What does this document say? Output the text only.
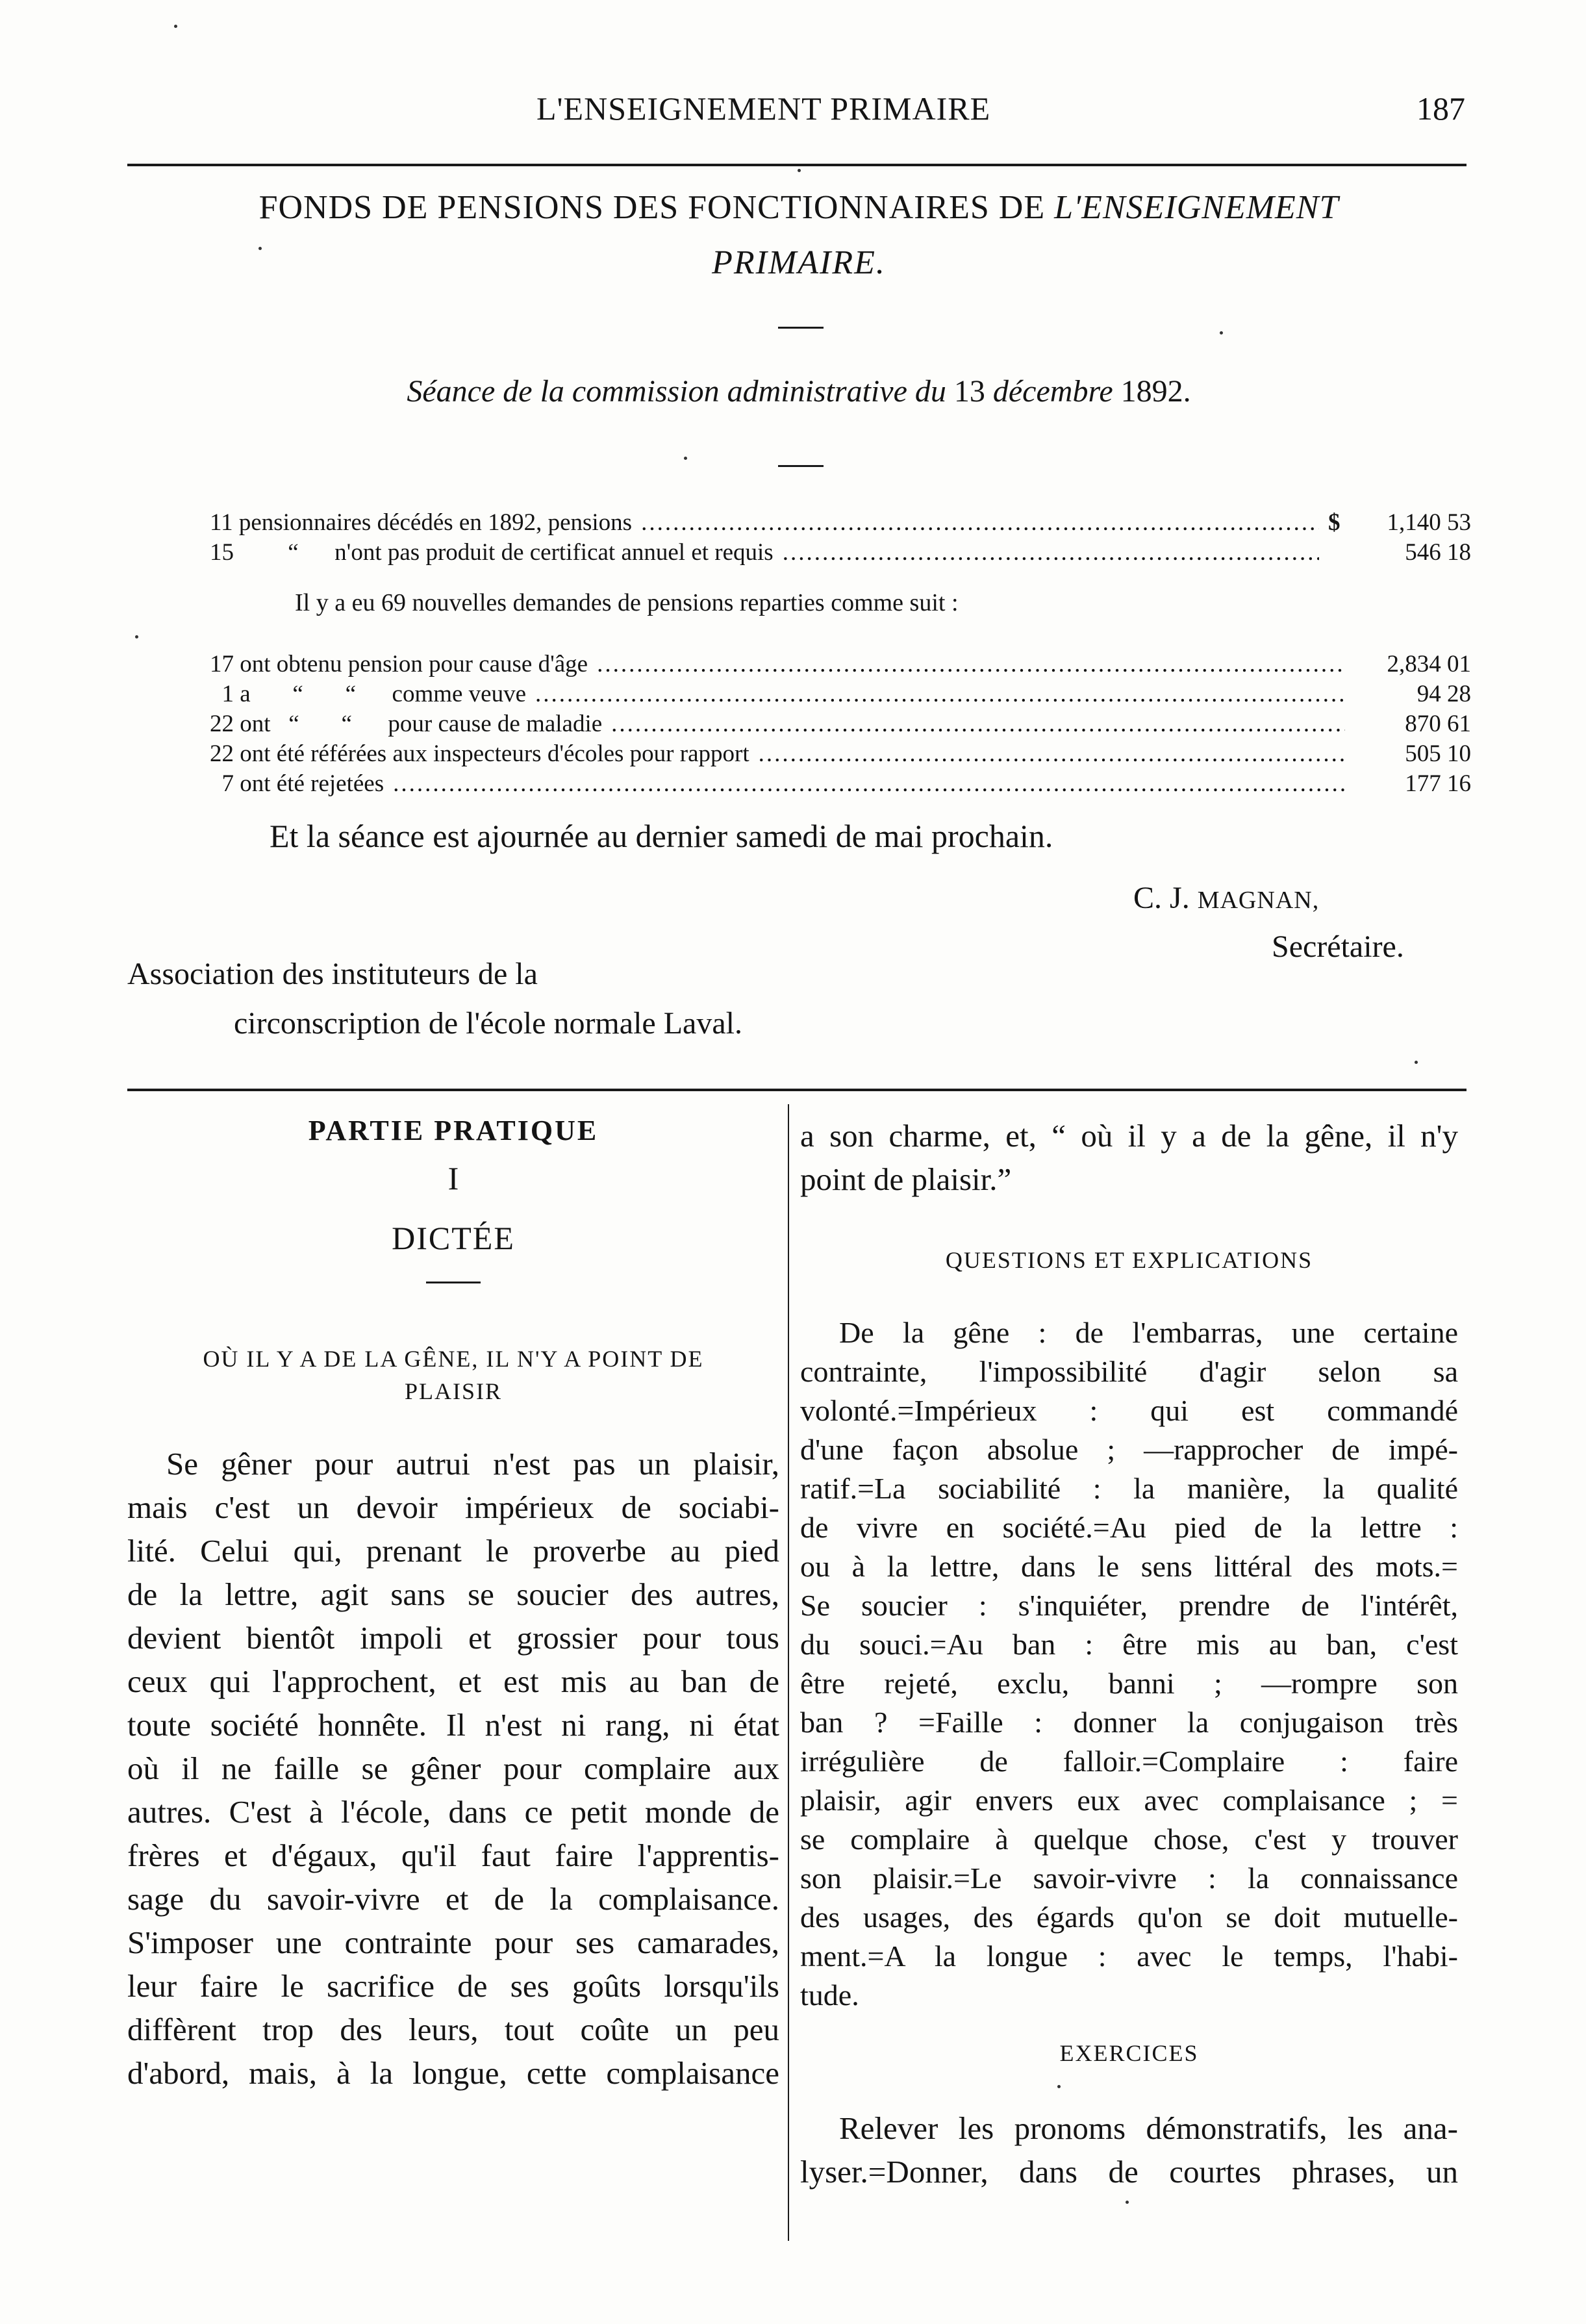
L'ENSEIGNEMENT PRIMAIRE	187
FONDS DE PENSIONS DES FONCTIONNAIRES DE L'ENSEIGNEMENT
PRIMAIRE.
Séance de la commission administrative du 13 décembre 1892.
11 pensionnaires décédés en 1892, pensions .....	$	1,140 53
15         “      n'ont pas produit de certificat annuel et requis .....	546 18
Il y a eu 69 nouvelles demandes de pensions reparties comme suit :
17 ont obtenu pension pour cause d'âge .....	2,834 01
1 a       “       “      comme veuve .....	94 28
22 ont   “       “      pour cause de maladie .....	870 61
22 ont été référées aux inspecteurs d'écoles pour rapport .....	505 10
7 ont été rejetées .....	177 16
Et la séance est ajournée au dernier samedi de mai prochain.
C. J. MAGNAN,
Secrétaire.
Association des instituteurs de la
circonscription de l'école normale Laval.
PARTIE PRATIQUE
I
DICTÉE
OÙ IL Y A DE LA GÊNE, IL N'Y A POINT DE
PLAISIR
Se gêner pour autrui n'est pas un plaisir,
mais c'est un devoir impérieux de sociabi-
lité. Celui qui, prenant le proverbe au pied
de la lettre, agit sans se soucier des autres,
devient bientôt impoli et grossier pour tous
ceux qui l'approchent, et est mis au ban de
toute société honnête. Il n'est ni rang, ni état
où il ne faille se gêner pour complaire aux
autres. C'est à l'école, dans ce petit monde de
frères et d'égaux, qu'il faut faire l'apprentis-
sage du savoir-vivre et de la complaisance.
S'imposer une contrainte pour ses camarades,
leur faire le sacrifice de ses goûts lorsqu'ils
diffèrent trop des leurs, tout coûte un peu
d'abord, mais, à la longue, cette complaisance
a son charme, et, “ où il y a de la gêne, il n'y
point de plaisir.”
QUESTIONS ET EXPLICATIONS
De la gêne : de l'embarras, une certaine
contrainte, l'impossibilité d'agir selon sa
volonté.=Impérieux : qui est commandé
d'une façon absolue ; —rapprocher de impé-
ratif.=La sociabilité : la manière, la qualité
de vivre en société.=Au pied de la lettre :
ou à la lettre, dans le sens littéral des mots.=
Se soucier : s'inquiéter, prendre de l'intérêt,
du souci.=Au ban : être mis au ban, c'est
être rejeté, exclu, banni ; —rompre son
ban ? =Faille : donner la conjugaison très
irrégulière de falloir.=Complaire : faire
plaisir, agir envers eux avec complaisance ; =
se complaire à quelque chose, c'est y trouver
son plaisir.=Le savoir-vivre : la connaissance
des usages, des égards qu'on se doit mutuelle-
ment.=A la longue : avec le temps, l'habi-
tude.
EXERCICES
Relever les pronoms démonstratifs, les ana-
lyser.=Donner, dans de courtes phrases, un
